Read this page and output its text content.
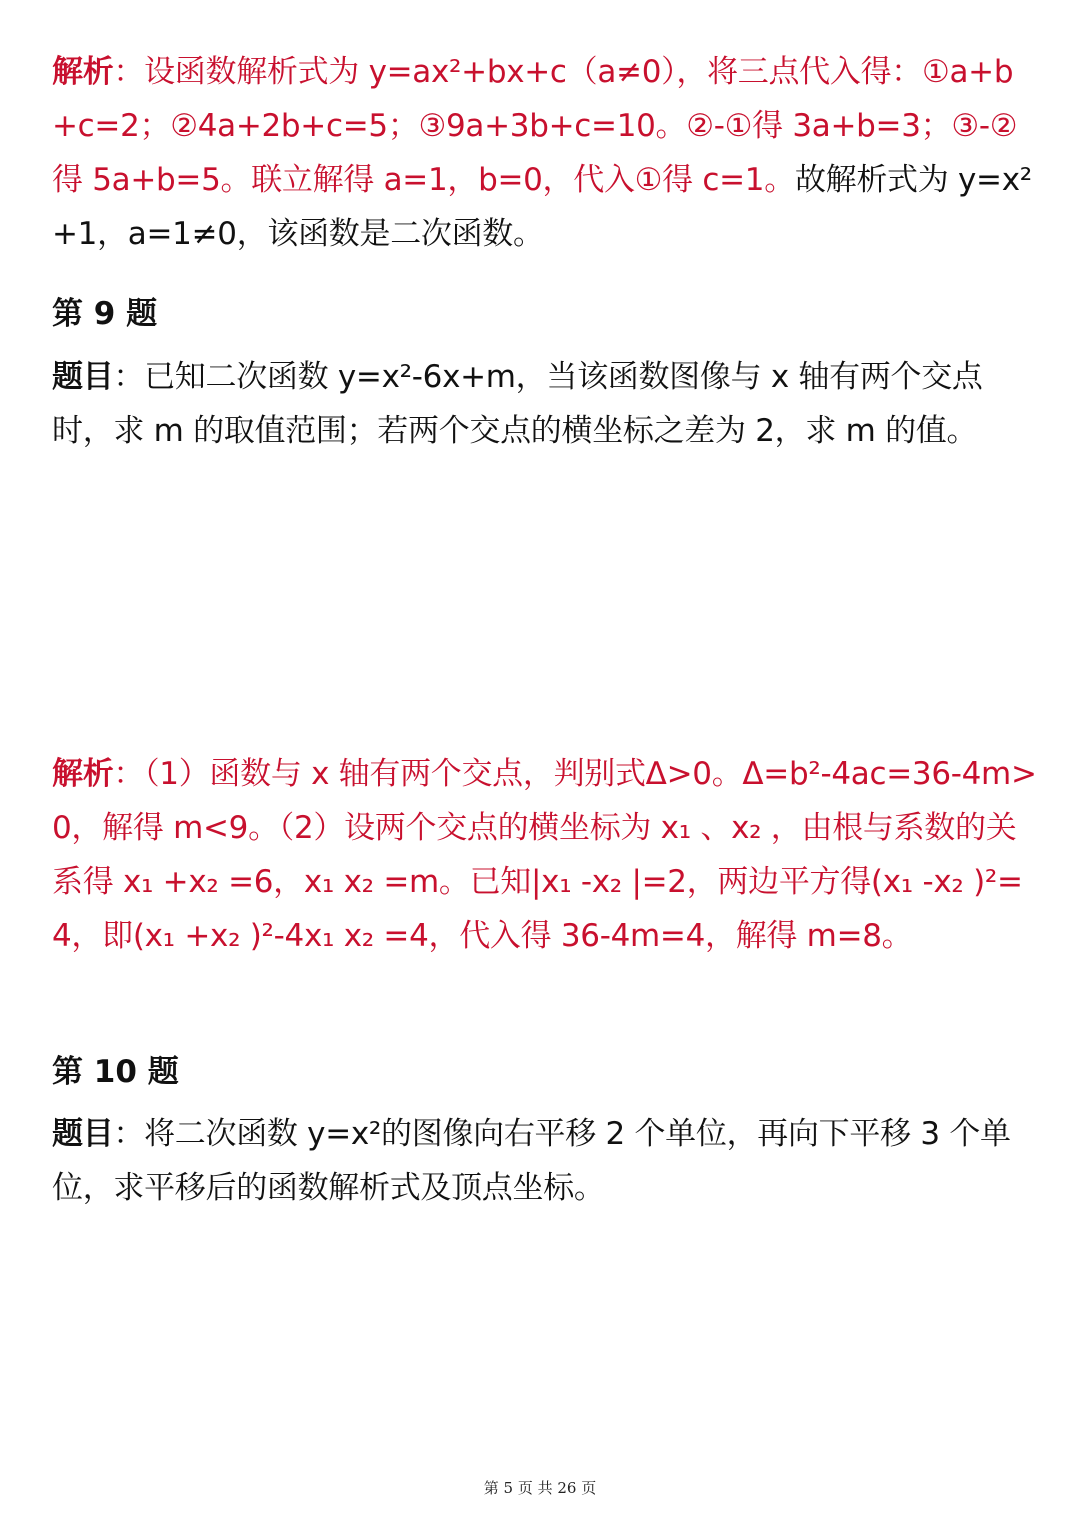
解析：设函数解析式为 y=ax²+bx+c（a≠0），将三点代入得：①a+b+c=2；②4a+2b+c=5；③9a+3b+c=10。②-①得 3a+b=3；③-②得 5a+b=5。联立解得 a=1，b=0，代入①得 c=1。故解析式为 y=x²+1，a=1≠0，该函数是二次函数。

第 9 题

题目：已知二次函数 y=x²-6x+m，当该函数图像与 x 轴有两个交点时，求 m 的取值范围；若两个交点的横坐标之差为 2，求 m 的值。

解析：（1）函数与 x 轴有两个交点，判别式Δ>0。Δ=b²-4ac=36-4m>0，解得 m<9。（2）设两个交点的横坐标为 x₁ 、x₂ ，由根与系数的关系得 x₁ +x₂ =6，x₁ x₂ =m。已知|x₁ -x₂ |=2，两边平方得(x₁ -x₂ )²=4，即(x₁ +x₂ )²-4x₁ x₂ =4，代入得 36-4m=4，解得 m=8。

第 10 题

题目：将二次函数 y=x²的图像向右平移 2 个单位，再向下平移 3 个单位，求平移后的函数解析式及顶点坐标。

第 5 页 共 26 页
